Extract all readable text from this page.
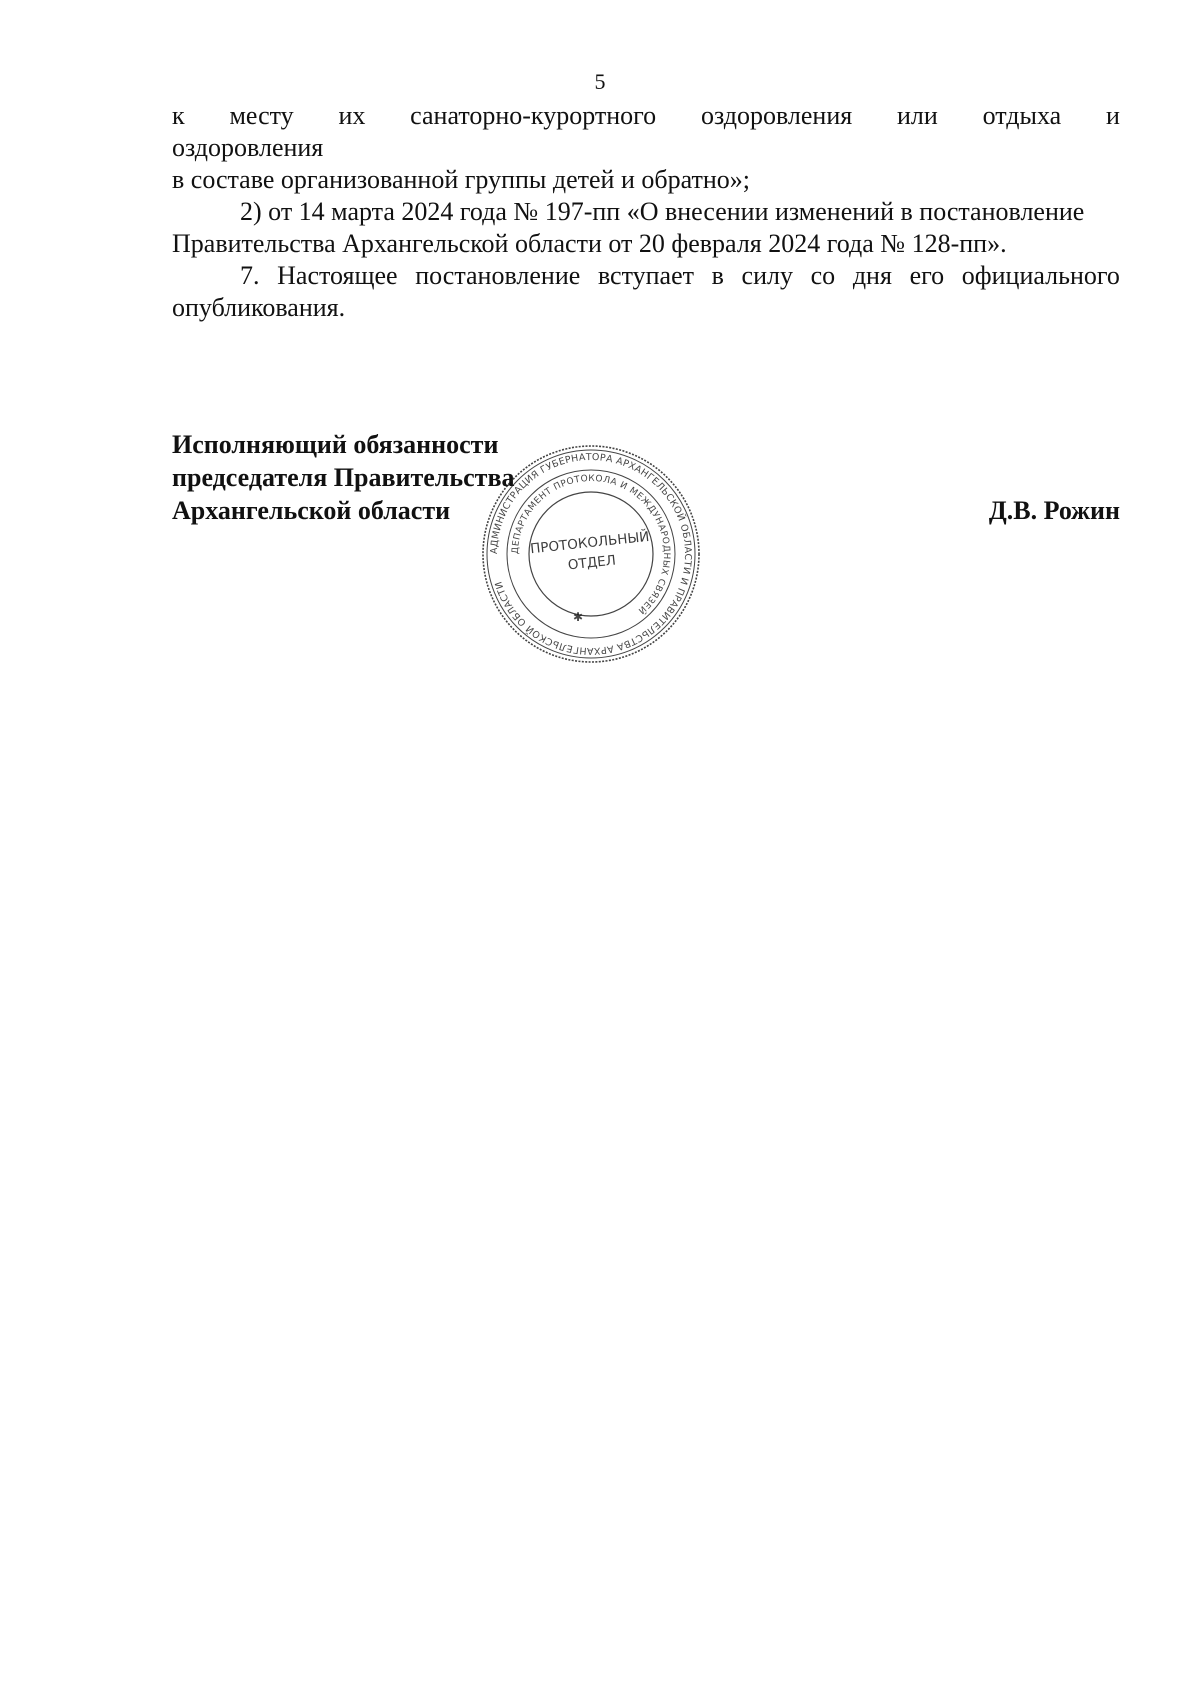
5
к месту их санаторно-курортного оздоровления или отдыха и
оздоровления
в составе организованной группы детей и обратно»;
2) от 14 марта 2024 года № 197-пп «О внесении изменений в постановление
Правительства Архангельской области от 20 февраля 2024 года № 128-пп».
7. Настоящее постановление вступает в силу со дня его официального
опубликования.
Исполняющий обязанности
председателя Правительства
Архангельской области	Д.В. Рожин
АДМИНИСТРАЦИЯ ГУБЕРНАТОРА АРХАНГЕЛЬСКОЙ ОБЛАСТИ И ПРАВИТЕЛЬСТВА АРХАНГЕЛЬСКОЙ ОБЛАСТИ
ДЕПАРТАМЕНТ ПРОТОКОЛА И МЕЖДУНАРОДНЫХ СВЯЗЕЙ
ПРОТОКОЛЬНЫЙ
ОТДЕЛ
✱
